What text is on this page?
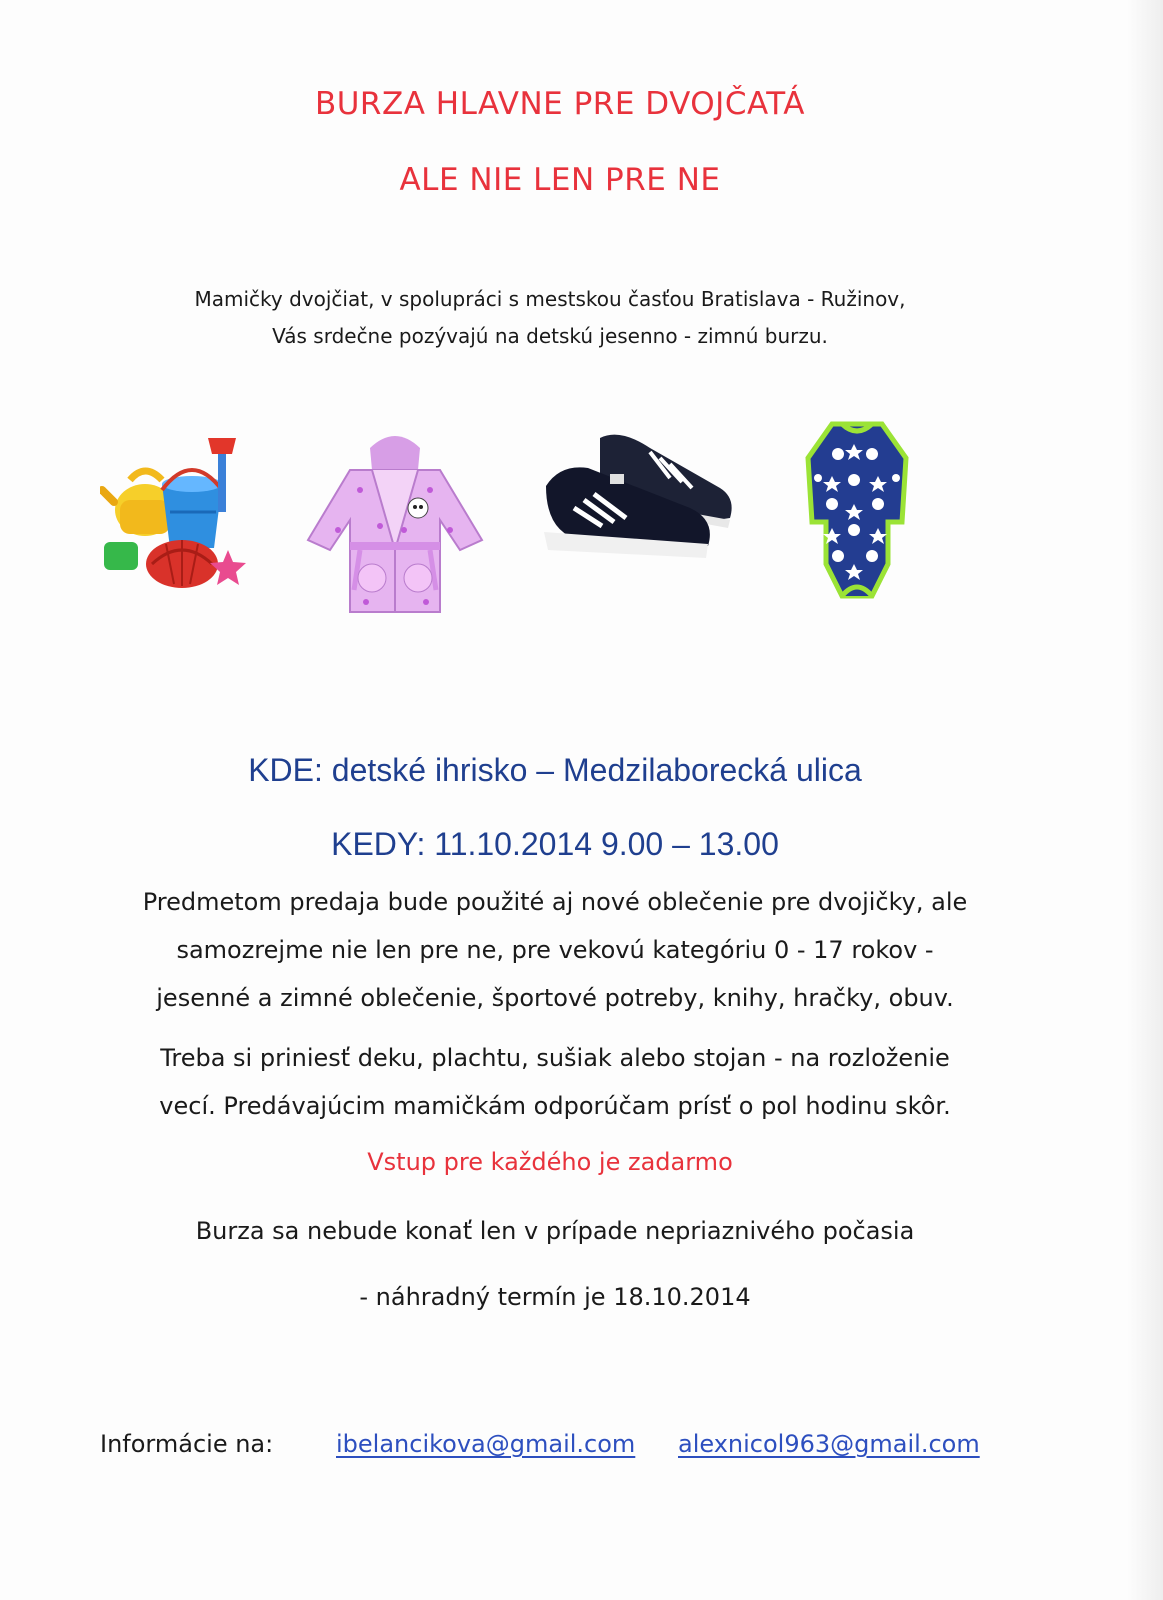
BURZA HLAVNE PRE DVOJČATÁ
ALE NIE LEN PRE NE
Mamičky dvojčiat, v spolupráci s mestskou časťou Bratislava - Ružinov,
Vás srdečne pozývajú na detskú jesenno - zimnú burzu.
KDE: detské ihrisko – Medzilaborecká ulica
KEDY: 11.10.2014 9.00 – 13.00
Predmetom predaja bude použité aj nové oblečenie pre dvojičky, ale
samozrejme nie len pre ne, pre vekovú kategóriu 0 - 17 rokov -
jesenné a zimné oblečenie, športové potreby, knihy, hračky, obuv.
Treba si priniesť deku, plachtu, sušiak alebo stojan - na rozloženie
vecí. Predávajúcim mamičkám odporúčam prísť o pol hodinu skôr.
Vstup pre každého je zadarmo
Burza sa nebude konať len v prípade nepriaznivého počasia
- náhradný termín je 18.10.2014
Informácie na:	ibelancikova@gmail.com alexnicol963@gmail.com
